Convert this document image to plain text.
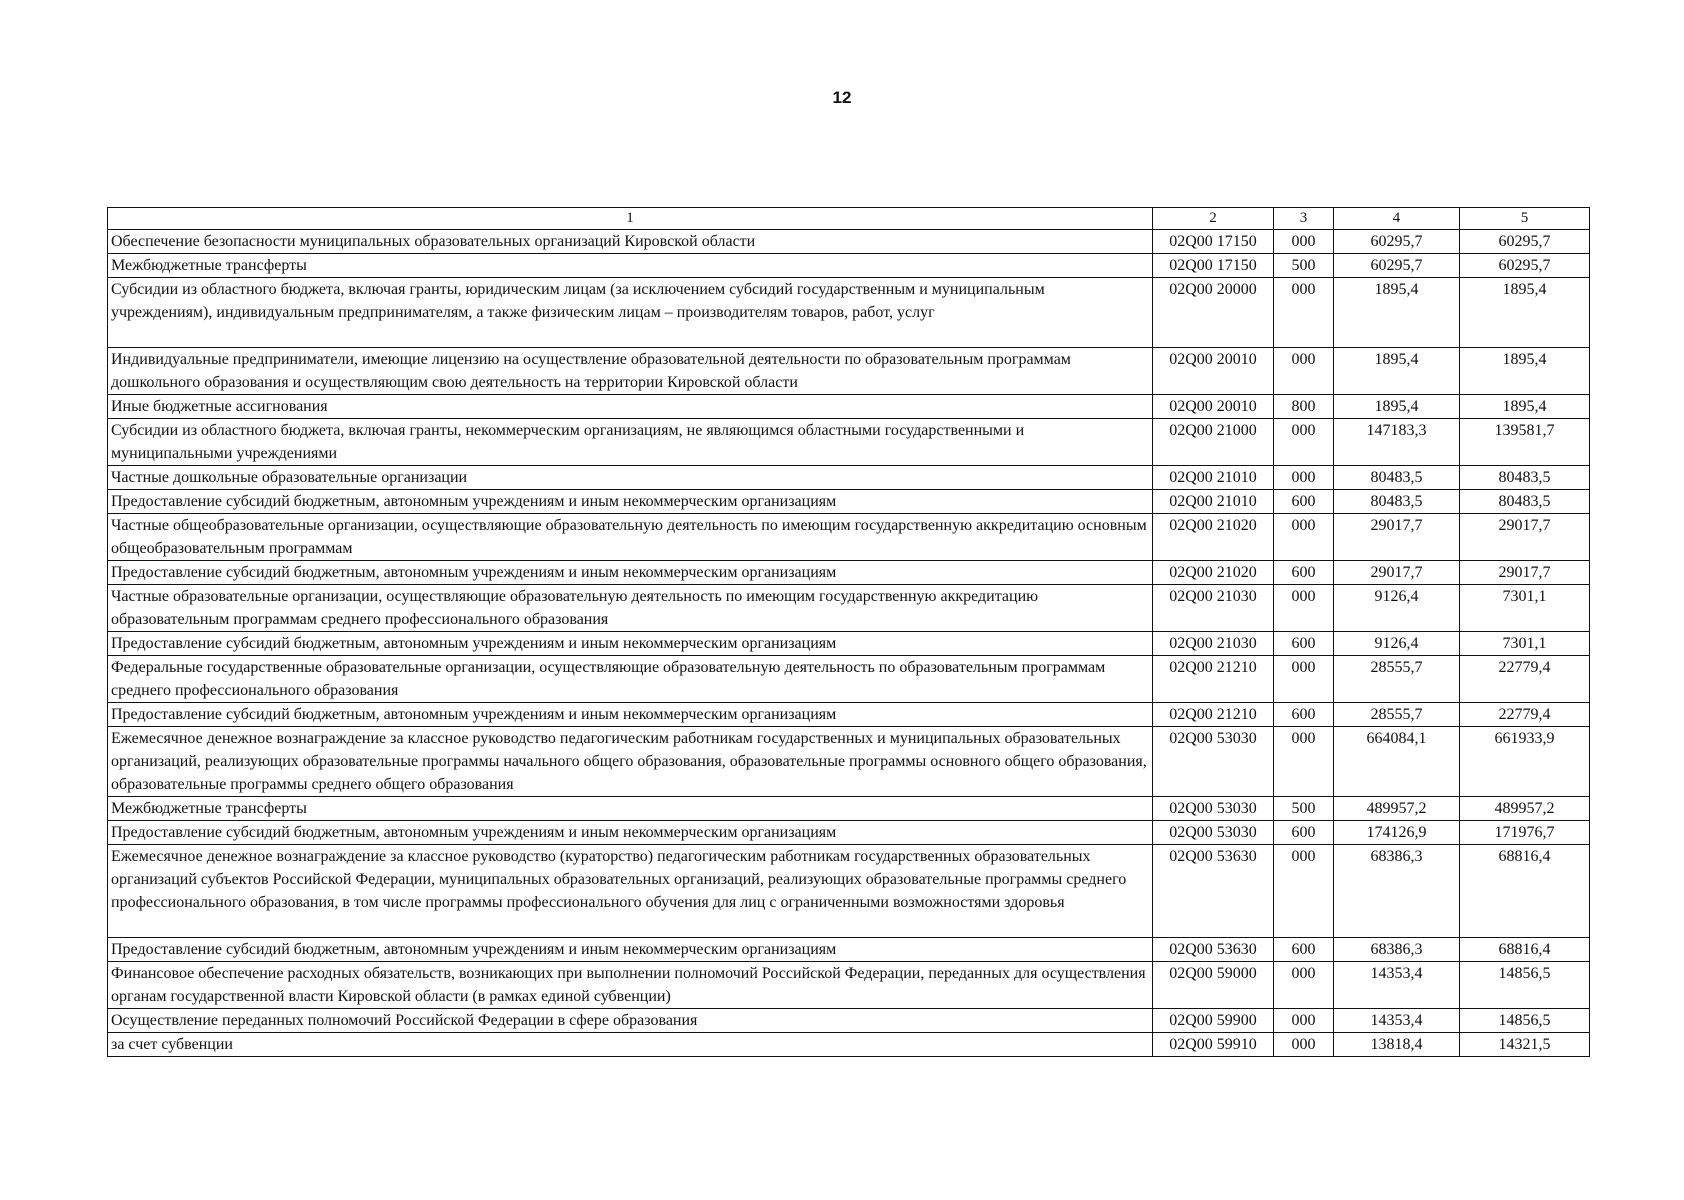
12
1	2	3	4	5
Обеспечение безопасности муниципальных образовательных организаций Кировской области	02Q00 17150	000	60295,7	60295,7
Межбюджетные трансферты	02Q00 17150	500	60295,7	60295,7
Субсидии из областного бюджета, включая гранты, юридическим лицам (за исключением субсидий государственным и муниципальным учреждениям), индивидуальным предпринимателям, а также физическим лицам – производителям товаров, работ, услуг	02Q00 20000	000	1895,4	1895,4
Индивидуальные предприниматели, имеющие лицензию на осуществление образовательной деятельности по образовательным программам дошкольного образования и осуществляющим свою деятельность на территории Кировской области	02Q00 20010	000	1895,4	1895,4
Иные бюджетные ассигнования	02Q00 20010	800	1895,4	1895,4
Субсидии из областного бюджета, включая гранты, некоммерческим организациям, не являющимся областными государственными и муниципальными учреждениями	02Q00 21000	000	147183,3	139581,7
Частные дошкольные образовательные организации	02Q00 21010	000	80483,5	80483,5
Предоставление субсидий бюджетным, автономным учреждениям и иным некоммерческим организациям	02Q00 21010	600	80483,5	80483,5
Частные общеобразовательные организации, осуществляющие образовательную деятельность по имеющим государственную аккредитацию основным общеобразовательным программам	02Q00 21020	000	29017,7	29017,7
Предоставление субсидий бюджетным, автономным учреждениям и иным некоммерческим организациям	02Q00 21020	600	29017,7	29017,7
Частные образовательные организации, осуществляющие образовательную деятельность по имеющим государственную аккредитацию образовательным программам среднего профессионального образования	02Q00 21030	000	9126,4	7301,1
Предоставление субсидий бюджетным, автономным учреждениям и иным некоммерческим организациям	02Q00 21030	600	9126,4	7301,1
Федеральные государственные образовательные организации, осуществляющие образовательную деятельность по образовательным программам среднего профессионального образования	02Q00 21210	000	28555,7	22779,4
Предоставление субсидий бюджетным, автономным учреждениям и иным некоммерческим организациям	02Q00 21210	600	28555,7	22779,4
Ежемесячное денежное вознаграждение за классное руководство педагогическим работникам государственных и муниципальных образовательных организаций, реализующих образовательные программы начального общего образования, образовательные программы основного общего образования, образовательные программы среднего общего образования	02Q00 53030	000	664084,1	661933,9
Межбюджетные трансферты	02Q00 53030	500	489957,2	489957,2
Предоставление субсидий бюджетным, автономным учреждениям и иным некоммерческим организациям	02Q00 53030	600	174126,9	171976,7
Ежемесячное денежное вознаграждение за классное руководство (кураторство) педагогическим работникам государственных образовательных организаций субъектов Российской Федерации, муниципальных образовательных организаций, реализующих образовательные программы среднего профессионального образования, в том числе программы профессионального обучения для лиц с ограниченными возможностями здоровья	02Q00 53630	000	68386,3	68816,4
Предоставление субсидий бюджетным, автономным учреждениям и иным некоммерческим организациям	02Q00 53630	600	68386,3	68816,4
Финансовое обеспечение расходных обязательств, возникающих при выполнении полномочий Российской Федерации, переданных для осуществления органам государственной власти Кировской области (в рамках единой субвенции)	02Q00 59000	000	14353,4	14856,5
Осуществление переданных полномочий Российской Федерации в сфере образования	02Q00 59900	000	14353,4	14856,5
за счет субвенции	02Q00 59910	000	13818,4	14321,5
